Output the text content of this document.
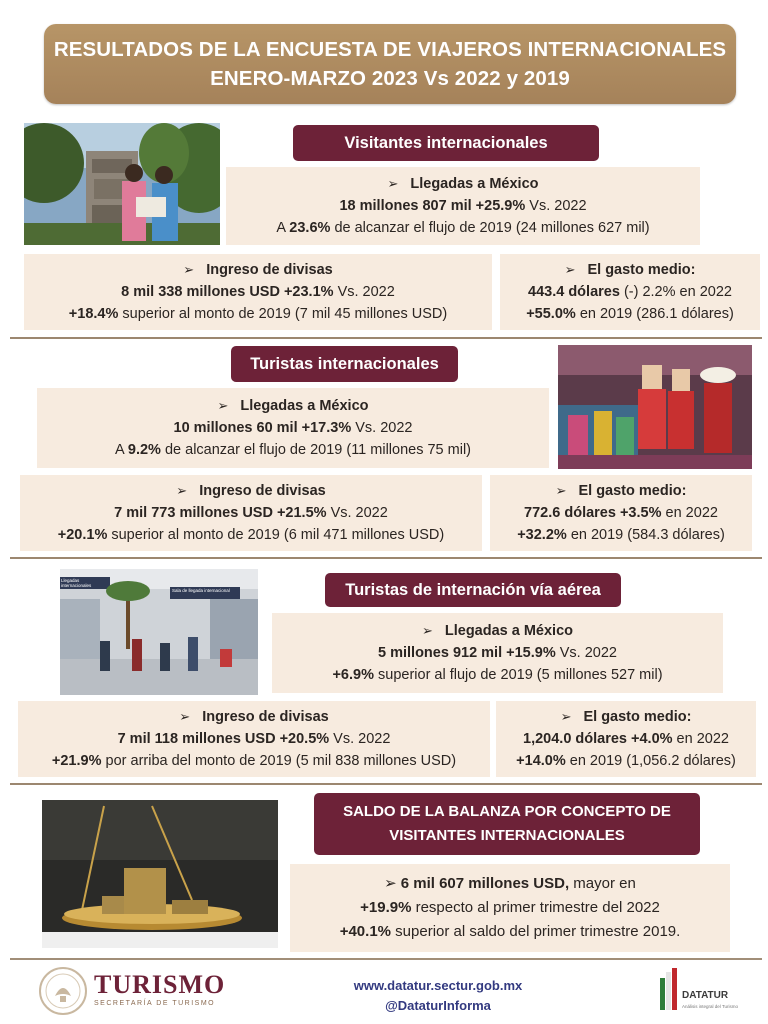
RESULTADOS DE LA ENCUESTA DE VIAJEROS INTERNACIONALES
ENERO-MARZO 2023 Vs 2022 y 2019
Visitantes internacionales
➢ Llegadas a México
18 millones 807 mil +25.9% Vs. 2022
A 23.6% de alcanzar el flujo de 2019 (24 millones 627 mil)
➢ Ingreso de divisas
8 mil 338 millones USD +23.1% Vs. 2022
+18.4% superior al monto de 2019 (7 mil 45 millones USD)
➢ El gasto medio:
443.4 dólares (-) 2.2% en 2022
+55.0% en 2019 (286.1 dólares)
Turistas internacionales
➢ Llegadas a México
10 millones 60 mil +17.3% Vs. 2022
A 9.2% de alcanzar el flujo de 2019 (11 millones 75 mil)
➢ Ingreso de divisas
7 mil 773 millones USD +21.5% Vs. 2022
+20.1% superior al monto de 2019 (6 mil 471 millones USD)
➢ El gasto medio:
772.6 dólares +3.5% en 2022
+32.2% en 2019 (584.3 dólares)
Llegadas internacionales
Sala de llegada internacional	Turistas de internación vía aérea
➢ Llegadas a México
5 millones 912 mil +15.9% Vs. 2022
+6.9% superior al flujo de 2019 (5 millones 527 mil)
➢ Ingreso de divisas
7 mil 118 millones USD +20.5% Vs. 2022
+21.9% por arriba del monto de 2019 (5 mil 838 millones USD)
➢ El gasto medio:
1,204.0 dólares +4.0% en 2022
+14.0% en 2019 (1,056.2 dólares)
SALDO DE LA BALANZA POR CONCEPTO DE
VISITANTES INTERNACIONALES
➢ 6 mil 607 millones USD, mayor en
+19.9% respecto al primer trimestre del 2022
+40.1% superior al saldo del primer trimestre 2019.
TURISMO
SECRETARÍA DE TURISMO
www.datatur.sectur.gob.mx
@DataturInforma
DATATUR
Análisis integral del Turismo
